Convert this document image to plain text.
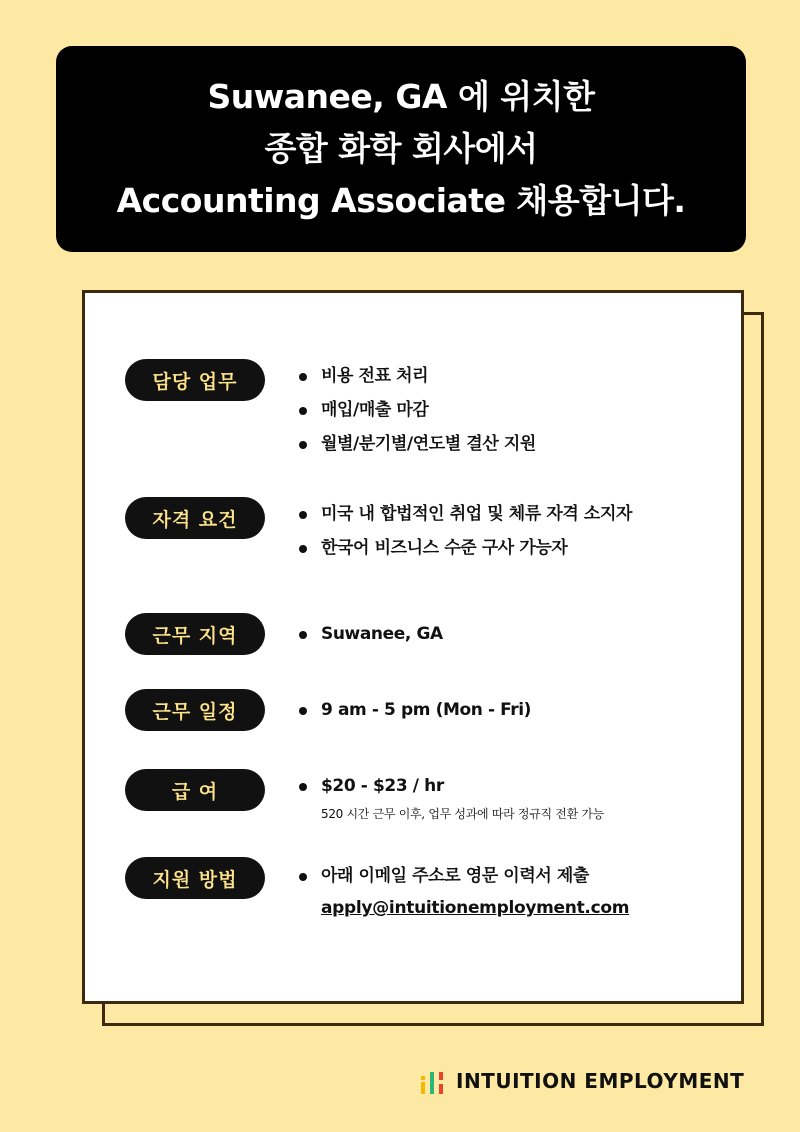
Suwanee, GA 에 위치한
종합 화학 회사에서
Accounting Associate 채용합니다.
담당 업무	비용 전표 처리
매입/매출 마감
월별/분기별/연도별 결산 지원
자격 요건	미국 내 합법적인 취업 및 체류 자격 소지자
한국어 비즈니스 수준 구사 가능자
근무 지역	Suwanee, GA
근무 일정	9 am - 5 pm (Mon - Fri)
급 여	$20 - $23 / hr
520 시간 근무 이후, 업무 성과에 따라 정규직 전환 가능
지원 방법	아래 이메일 주소로 영문 이력서 제출
apply@intuitionemployment.com
INTUITION EMPLOYMENT
